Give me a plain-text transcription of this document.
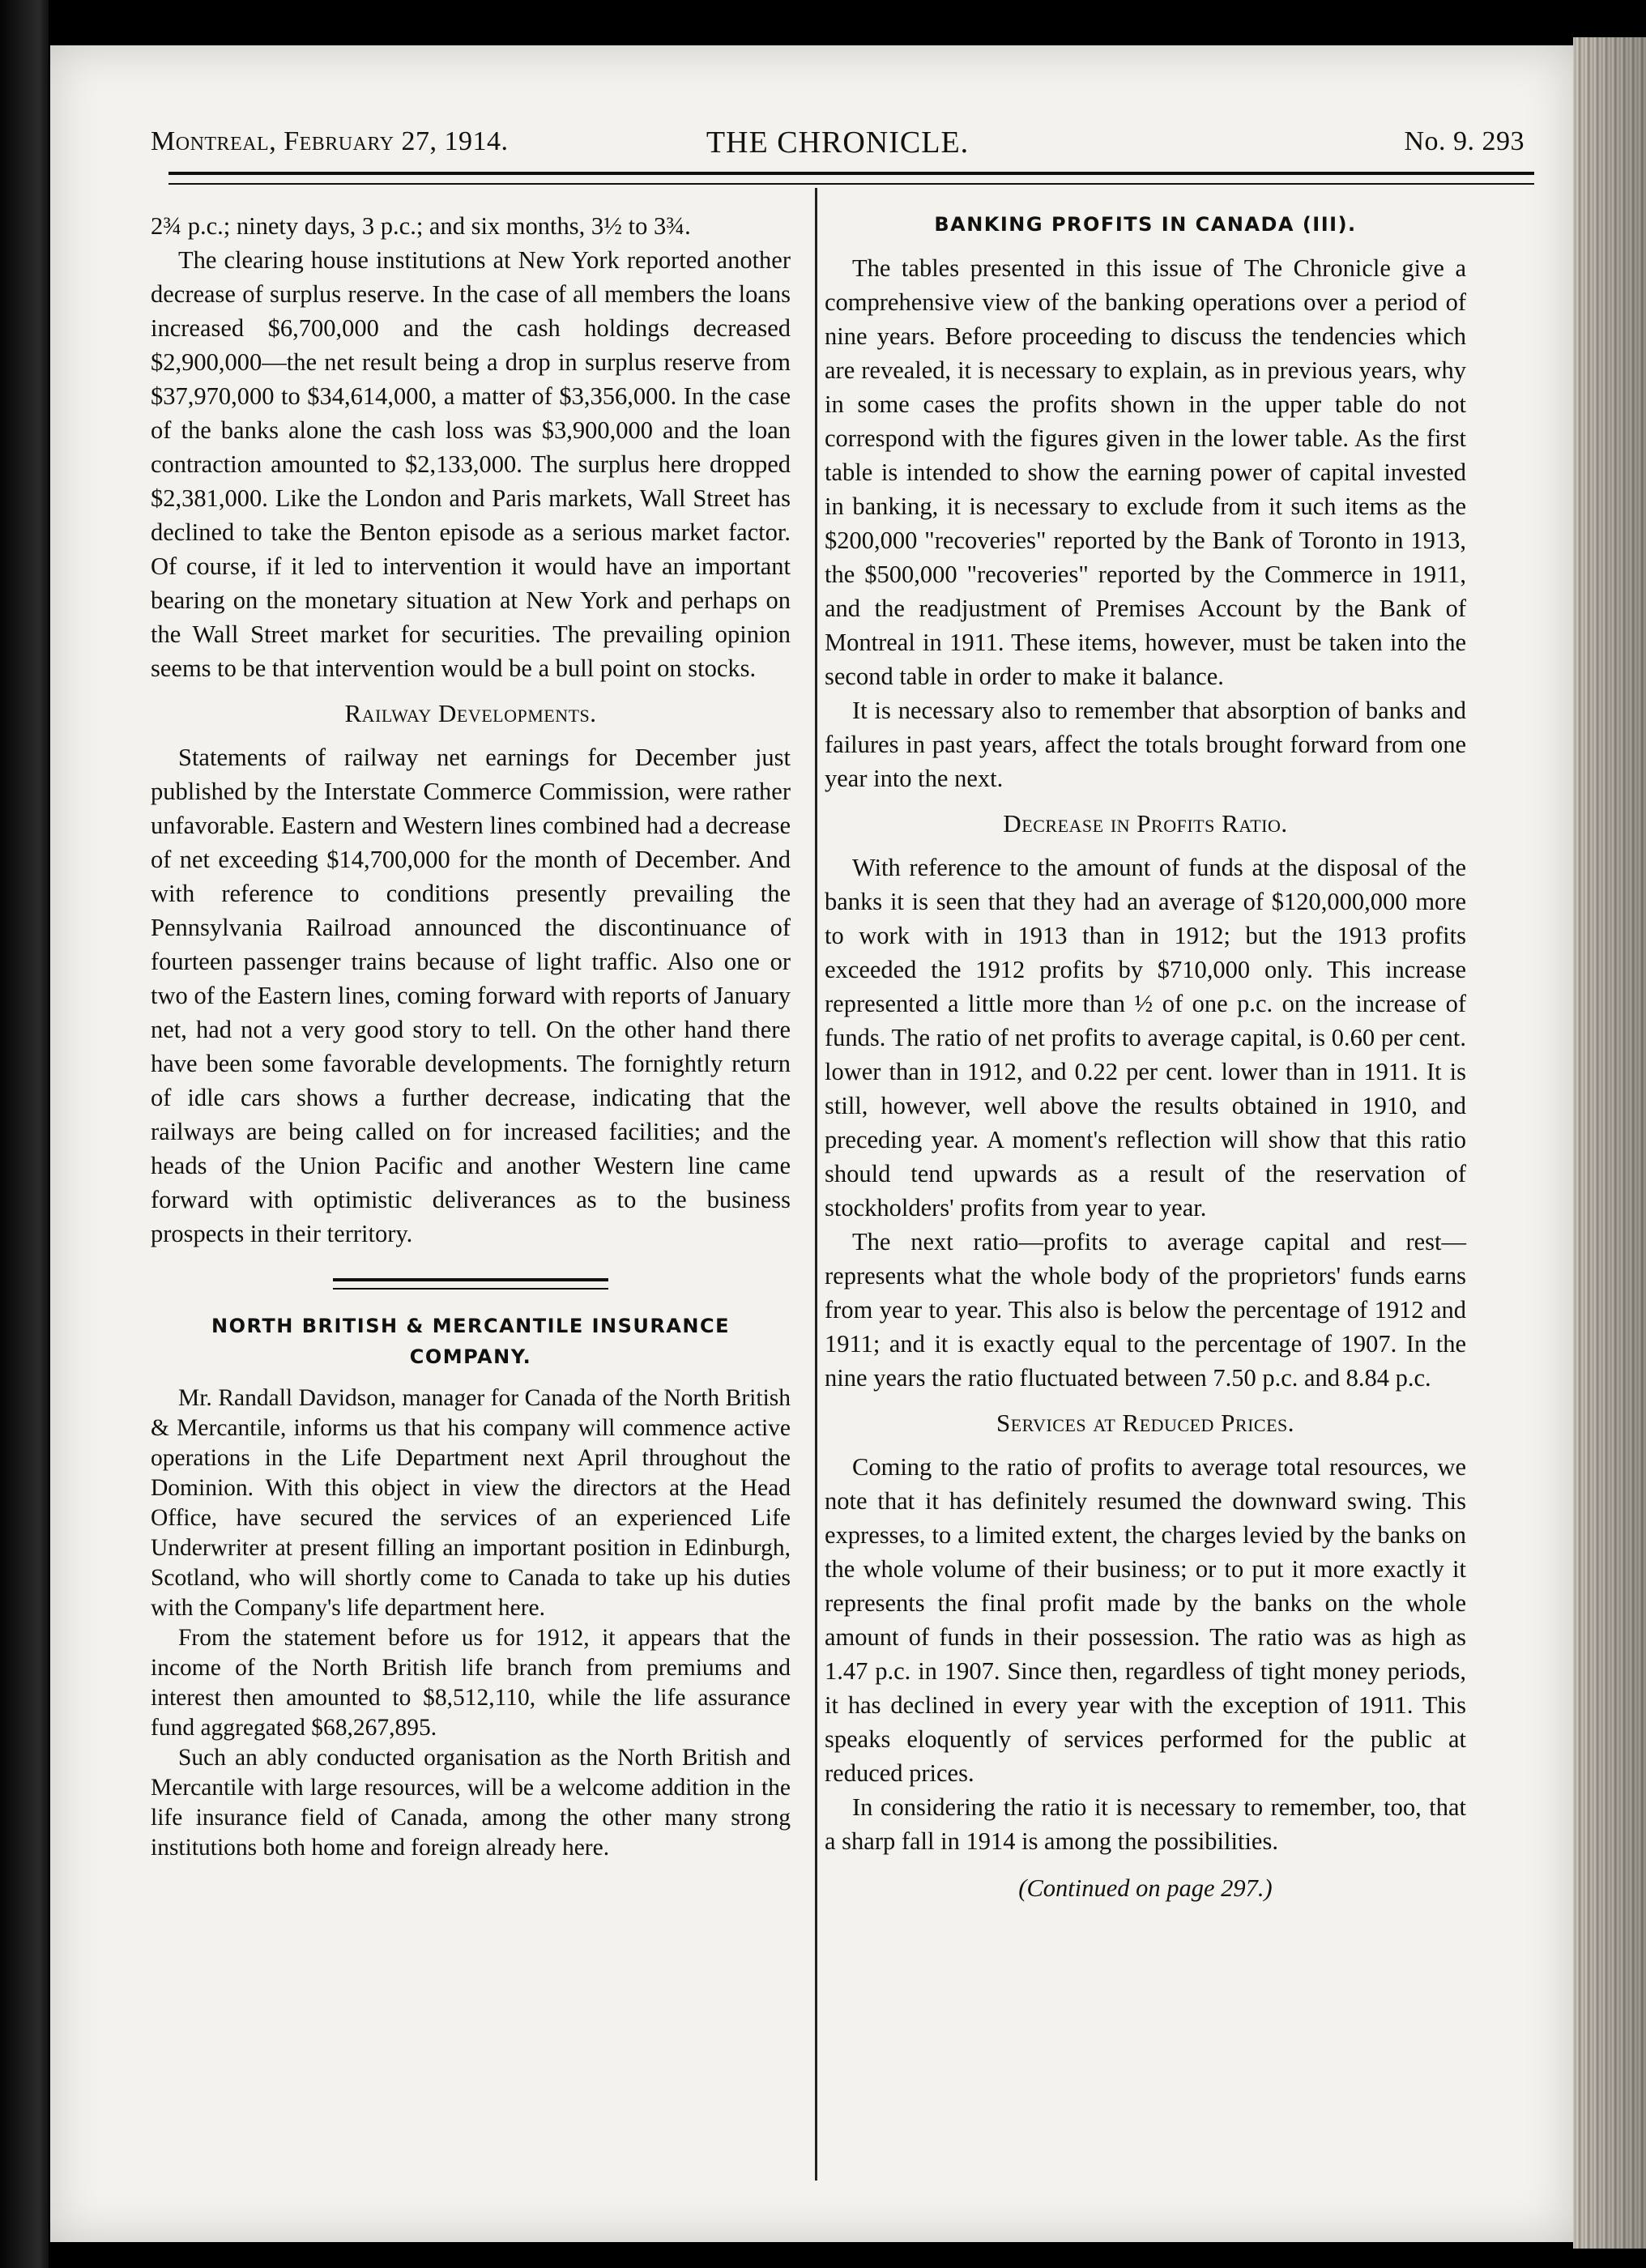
Montreal, February 27, 1914.	THE CHRONICLE.	No. 9. 293

2¾ p.c.; ninety days, 3 p.c.; and six months, 3½ to 3¾.

The clearing house institutions at New York reported another decrease of surplus reserve. In the case of all members the loans increased $6,700,000 and the cash holdings decreased $2,900,000—the net result being a drop in surplus reserve from $37,970,000 to $34,614,000, a matter of $3,356,000. In the case of the banks alone the cash loss was $3,900,000 and the loan contraction amounted to $2,133,000. The surplus here dropped $2,381,000. Like the London and Paris markets, Wall Street has declined to take the Benton episode as a serious market factor. Of course, if it led to intervention it would have an important bearing on the monetary situation at New York and perhaps on the Wall Street market for securities. The prevailing opinion seems to be that intervention would be a bull point on stocks.

Railway Developments.

Statements of railway net earnings for December just published by the Interstate Commerce Commission, were rather unfavorable. Eastern and Western lines combined had a decrease of net exceeding $14,700,000 for the month of December. And with reference to conditions presently prevailing the Pennsylvania Railroad announced the discontinuance of fourteen passenger trains because of light traffic. Also one or two of the Eastern lines, coming forward with reports of January net, had not a very good story to tell. On the other hand there have been some favorable developments. The fornightly return of idle cars shows a further decrease, indicating that the railways are being called on for increased facilities; and the heads of the Union Pacific and another Western line came forward with optimistic deliverances as to the business prospects in their territory.

NORTH BRITISH & MERCANTILE INSURANCE COMPANY.

Mr. Randall Davidson, manager for Canada of the North British & Mercantile, informs us that his company will commence active operations in the Life Department next April throughout the Dominion. With this object in view the directors at the Head Office, have secured the services of an experienced Life Underwriter at present filling an important position in Edinburgh, Scotland, who will shortly come to Canada to take up his duties with the Company's life department here.

From the statement before us for 1912, it appears that the income of the North British life branch from premiums and interest then amounted to $8,512,110, while the life assurance fund aggregated $68,267,895.

Such an ably conducted organisation as the North British and Mercantile with large resources, will be a welcome addition in the life insurance field of Canada, among the other many strong institutions both home and foreign already here.

BANKING PROFITS IN CANADA (III).

The tables presented in this issue of The Chronicle give a comprehensive view of the banking operations over a period of nine years. Before proceeding to discuss the tendencies which are revealed, it is necessary to explain, as in previous years, why in some cases the profits shown in the upper table do not correspond with the figures given in the lower table. As the first table is intended to show the earning power of capital invested in banking, it is necessary to exclude from it such items as the $200,000 "recoveries" reported by the Bank of Toronto in 1913, the $500,000 "recoveries" reported by the Commerce in 1911, and the readjustment of Premises Account by the Bank of Montreal in 1911. These items, however, must be taken into the second table in order to make it balance.

It is necessary also to remember that absorption of banks and failures in past years, affect the totals brought forward from one year into the next.

Decrease in Profits Ratio.

With reference to the amount of funds at the disposal of the banks it is seen that they had an average of $120,000,000 more to work with in 1913 than in 1912; but the 1913 profits exceeded the 1912 profits by $710,000 only. This increase represented a little more than ½ of one p.c. on the increase of funds. The ratio of net profits to average capital, is 0.60 per cent. lower than in 1912, and 0.22 per cent. lower than in 1911. It is still, however, well above the results obtained in 1910, and preceding year. A moment's reflection will show that this ratio should tend upwards as a result of the reservation of stockholders' profits from year to year.

The next ratio—profits to average capital and rest—represents what the whole body of the proprietors' funds earns from year to year. This also is below the percentage of 1912 and 1911; and it is exactly equal to the percentage of 1907. In the nine years the ratio fluctuated between 7.50 p.c. and 8.84 p.c.

Services at Reduced Prices.

Coming to the ratio of profits to average total resources, we note that it has definitely resumed the downward swing. This expresses, to a limited extent, the charges levied by the banks on the whole volume of their business; or to put it more exactly it represents the final profit made by the banks on the whole amount of funds in their possession. The ratio was as high as 1.47 p.c. in 1907. Since then, regardless of tight money periods, it has declined in every year with the exception of 1911. This speaks eloquently of services performed for the public at reduced prices.

In considering the ratio it is necessary to remember, too, that a sharp fall in 1914 is among the possibilities.

(Continued on page 297.)
